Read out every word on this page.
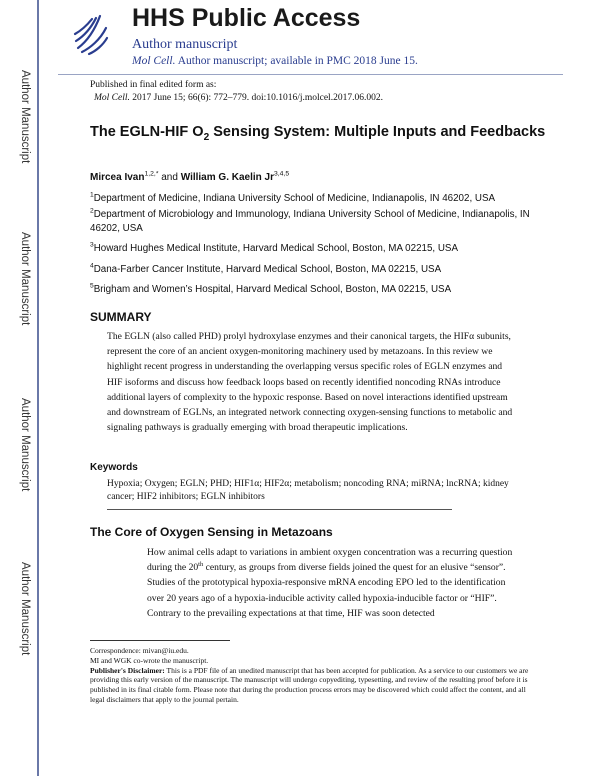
Author Manuscript
Author Manuscript
Author Manuscript
Author Manuscript
HHS Public Access
Author manuscript
Mol Cell. Author manuscript; available in PMC 2018 June 15.
Published in final edited form as:
Mol Cell. 2017 June 15; 66(6): 772–779. doi:10.1016/j.molcel.2017.06.002.
The EGLN-HIF $O_2$ Sensing System: Multiple Inputs and Feedbacks
Mircea Ivan$^{1,2,*}$ and William G. Kaelin Jr$^{3,4,5}$
$^1$Department of Medicine, Indiana University School of Medicine, Indianapolis, IN 46202, USA
$^2$Department of Microbiology and Immunology, Indiana University School of Medicine, Indianapolis, IN 46202, USA
$^3$Howard Hughes Medical Institute, Harvard Medical School, Boston, MA 02215, USA
$^4$Dana-Farber Cancer Institute, Harvard Medical School, Boston, MA 02215, USA
$^5$Brigham and Women’s Hospital, Harvard Medical School, Boston, MA 02215, USA
SUMMARY

The EGLN (also called PHD) prolyl hydroxylase enzymes and their canonical targets, the HIFα subunits, represent the core of an ancient oxygen-monitoring machinery used by metazoans. In this review we highlight recent progress in understanding the overlapping versus specific roles of EGLN enzymes and HIF isoforms and discuss how feedback loops based on recently identified noncoding RNAs introduce additional layers of complexity to the hypoxic response. Based on novel interactions identified upstream and downstream of EGLNs, an integrated network connecting oxygen-sensing functions to metabolic and signaling pathways is gradually emerging with broad therapeutic implications.

Keywords

Hypoxia; Oxygen; EGLN; PHD; HIF1α; HIF2α; metabolism; noncoding RNA; miRNA; lncRNA; kidney cancer; HIF2 inhibitors; EGLN inhibitors

The Core of Oxygen Sensing in Metazoans

How animal cells adapt to variations in ambient oxygen concentration was a recurring question during the 20th century, as groups from diverse fields joined the quest for an elusive “sensor”. Studies of the prototypical hypoxia-responsive mRNA encoding EPO led to the identification over 20 years ago of a hypoxia-inducible activity called hypoxia-inducible factor or “HIF”. Contrary to the prevailing expectations at that time, HIF was soon detected

Correspondence: mivan@iu.edu.

MI and WGK co-wrote the manuscript.

Publisher's Disclaimer: This is a PDF file of an unedited manuscript that has been accepted for publication. As a service to our customers we are providing this early version of the manuscript. The manuscript will undergo copyediting, typesetting, and review of the resulting proof before it is published in its final citable form. Please note that during the production process errors may be discovered which could affect the content, and all legal disclaimers that apply to the journal pertain.
